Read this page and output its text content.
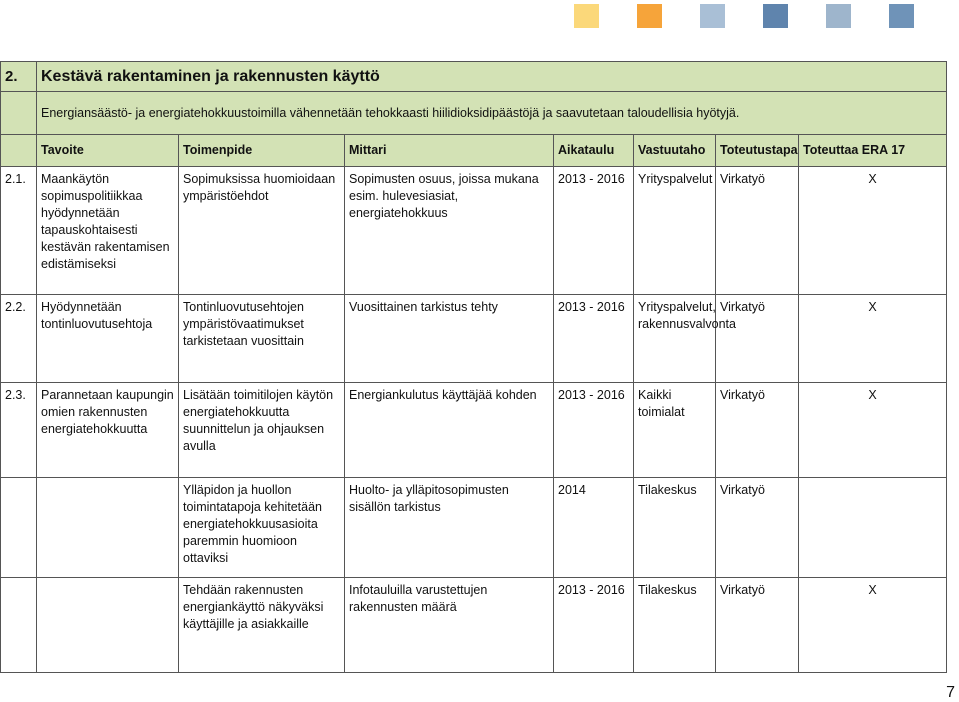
2.	Kestävä rakentaminen ja rakennusten käyttö						
	Energiansäästö- ja energiatehokkuustoimilla vähennetään tehokkaasti hiilidioksidipäästöjä ja saavutetaan taloudellisia hyötyjä.						
	Tavoite	Toimenpide	Mittari	Aikataulu	Vastuutaho	Toteutustapa	Toteuttaa ERA 17
2.1.	Maankäytön sopimuspolitiikkaa hyödynnetään tapauskohtaisesti kestävän rakentamisen edistämiseksi	Sopimuksissa huomioidaan ympäristöehdot	Sopimusten osuus, joissa mukana esim. hulevesiasiat, energiatehokkuus	2013 - 2016	Yrityspalvelut	Virkatyö	X
2.2.	Hyödynnetään tontinluovutusehtoja	Tontinluovutusehtojen ympäristövaatimukset tarkistetaan vuosittain	Vuosittainen tarkistus tehty	2013 - 2016	Yrityspalvelut, rakennusvalvonta	Virkatyö	X
2.3.	Parannetaan kaupungin omien rakennusten energiatehokkuutta	Lisätään toimitilojen käytön energiatehokkuutta suunnittelun ja ohjauksen avulla	Energiankulutus käyttäjää kohden	2013 - 2016	Kaikki toimialat	Virkatyö	X
		Ylläpidon ja huollon toimintatapoja kehitetään energiatehokkuusasioita paremmin huomioon ottaviksi	Huolto- ja ylläpitosopimusten sisällön tarkistus	2014	Tilakeskus	Virkatyö	
		Tehdään rakennusten energiankäyttö näkyväksi käyttäjille ja asiakkaille	Infotauluilla varustettujen rakennusten määrä	2013 - 2016	Tilakeskus	Virkatyö	X
7
